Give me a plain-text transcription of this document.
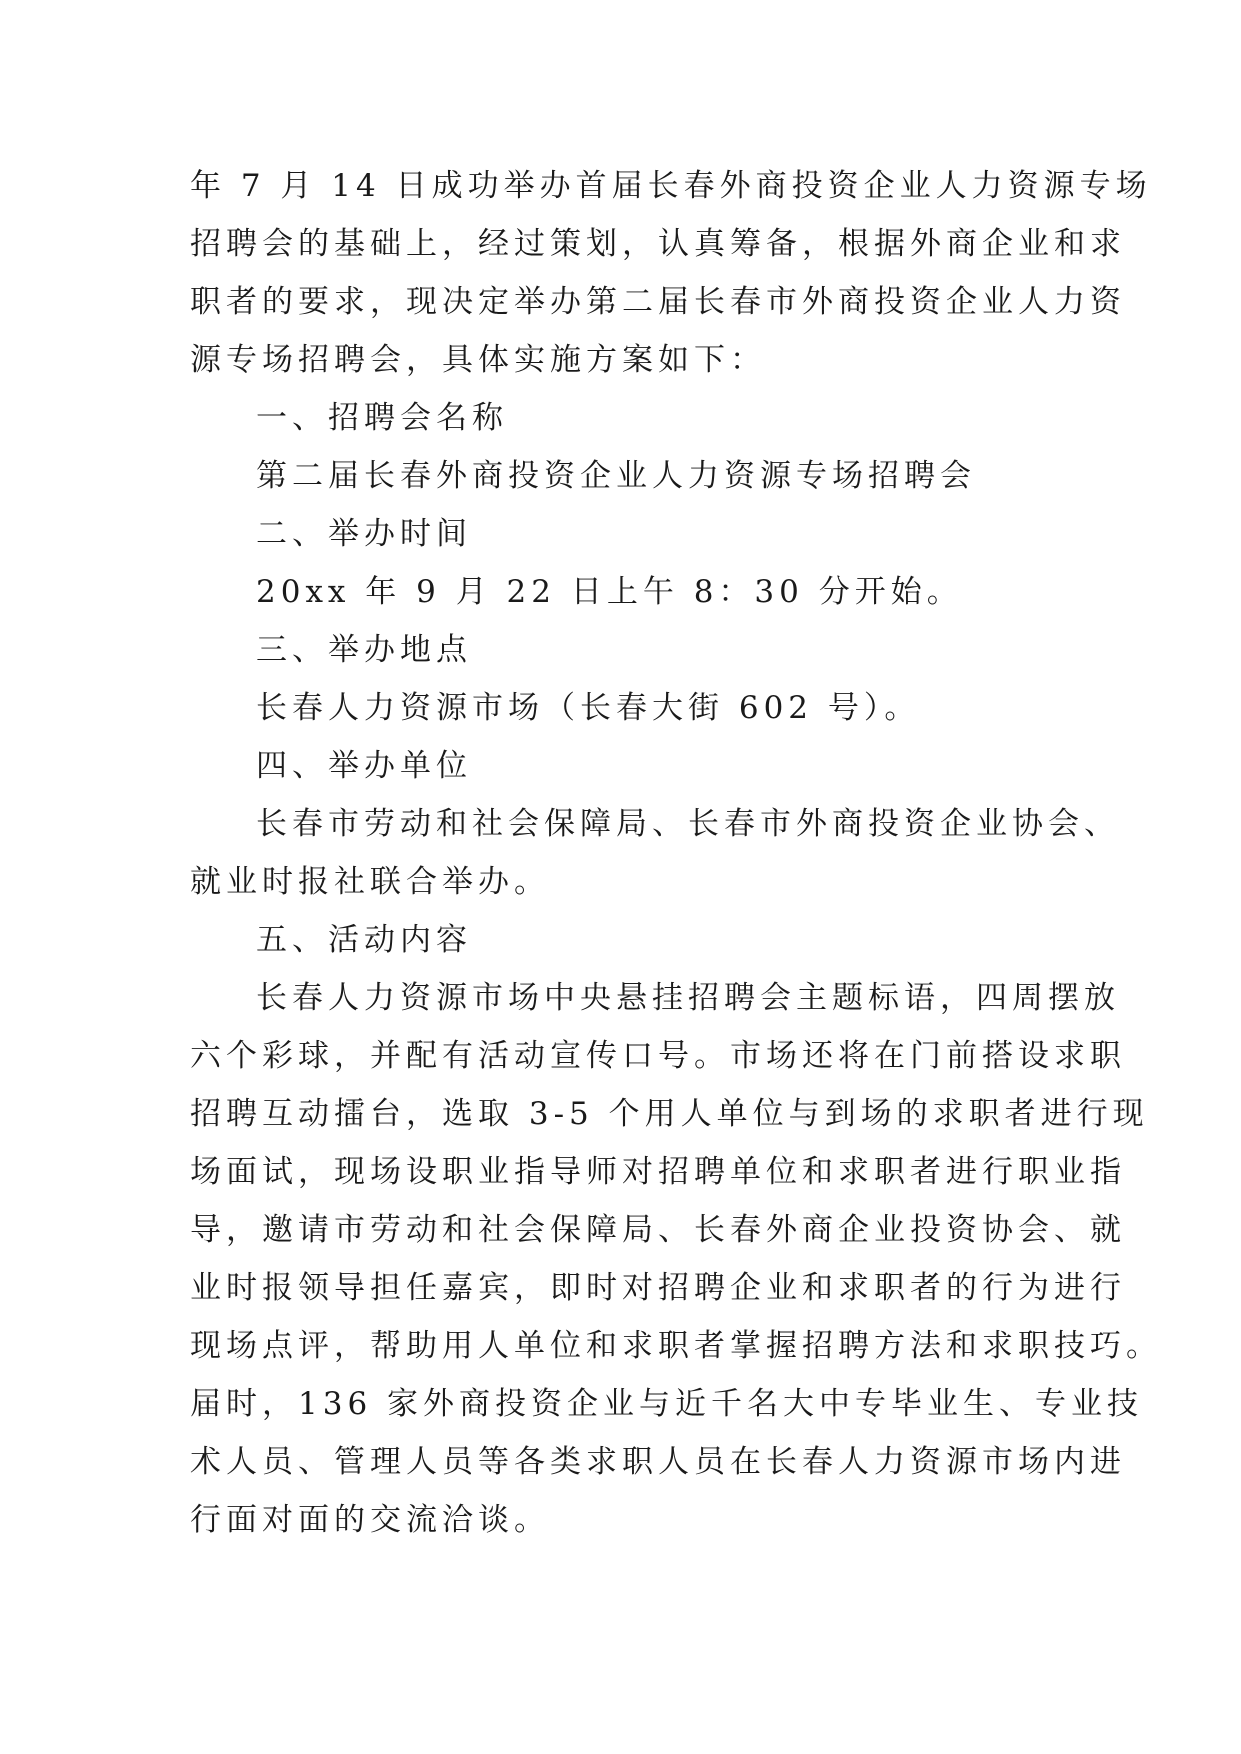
年 7 月 14 日成功举办首届长春外商投资企业人力资源专场
招聘会的基础上，经过策划，认真筹备，根据外商企业和求
职者的要求，现决定举办第二届长春市外商投资企业人力资
源专场招聘会，具体实施方案如下：
一、招聘会名称
第二届长春外商投资企业人力资源专场招聘会
二、举办时间
20xx 年 9 月 22 日上午 8：30 分开始。
三、举办地点
长春人力资源市场（长春大街 602 号）。
四、举办单位
长春市劳动和社会保障局、长春市外商投资企业协会、
就业时报社联合举办。
五、活动内容
长春人力资源市场中央悬挂招聘会主题标语，四周摆放
六个彩球，并配有活动宣传口号。市场还将在门前搭设求职
招聘互动擂台，选取 3-5 个用人单位与到场的求职者进行现
场面试，现场设职业指导师对招聘单位和求职者进行职业指
导，邀请市劳动和社会保障局、长春外商企业投资协会、就
业时报领导担任嘉宾，即时对招聘企业和求职者的行为进行
现场点评，帮助用人单位和求职者掌握招聘方法和求职技巧。
届时，136 家外商投资企业与近千名大中专毕业生、专业技
术人员、管理人员等各类求职人员在长春人力资源市场内进
行面对面的交流洽谈。
